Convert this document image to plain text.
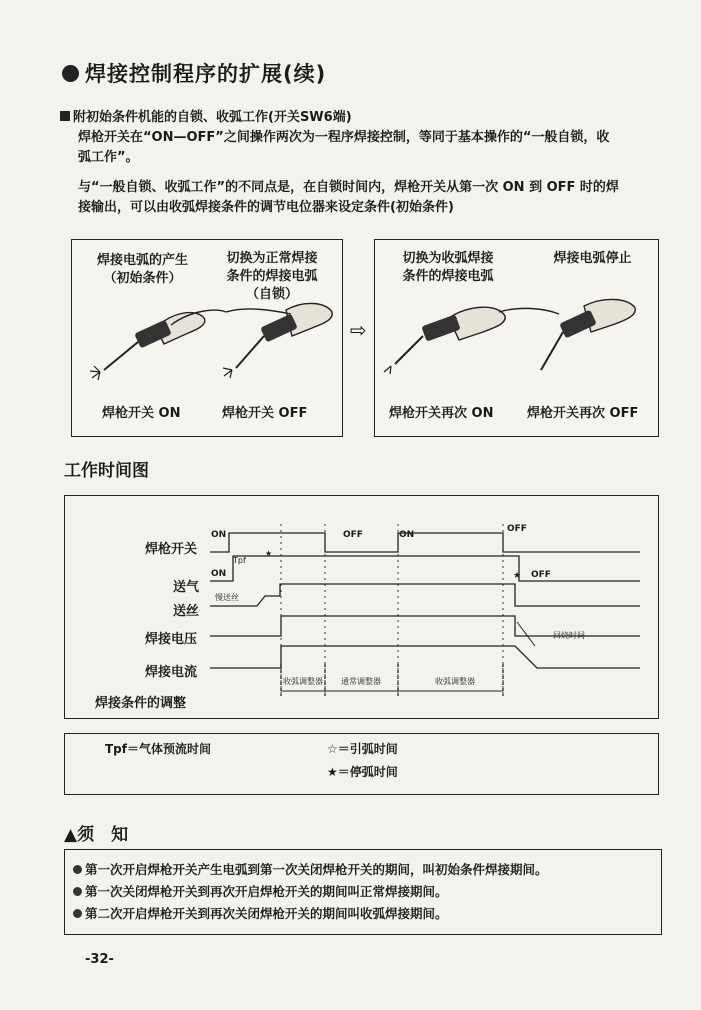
焊接控制程序的扩展(续)
附初始条件机能的自锁、收弧工作(开关SW6端)
焊枪开关在“ON—OFF”之间操作两次为一程序焊接控制，等同于基本操作的“一般自锁，收
弧工作”。
与“一般自锁、收弧工作”的不同点是，在自锁时间内，焊枪开关从第一次 ON 到 OFF 时的焊
接输出，可以由收弧焊接条件的调节电位器来设定条件(初始条件)
焊接电弧的产生
（初始条件）
切换为正常焊接
条件的焊接电弧
（自锁）
焊枪开关 ON	焊枪开关 OFF
⇨
切换为收弧焊接
条件的焊接电弧
焊接电弧停止
焊枪开关再次 ON	焊枪开关再次 OFF
工作时间图
焊枪开关
送气
送丝
焊接电压
焊接电流
焊接条件的调整
★
★
ON	OFF	ON
OFF
ON	OFF
Tpf
慢送丝
回烧时间
收弧调整器 通常调整器	收弧调整器
Tpf＝气体预流时间	☆＝引弧时间
★＝停弧时间
▲须　知
第一次开启焊枪开关产生电弧到第一次关闭焊枪开关的期间，叫初始条件焊接期间。
第一次关闭焊枪开关到再次开启焊枪开关的期间叫正常焊接期间。
第二次开启焊枪开关到再次关闭焊枪开关的期间叫收弧焊接期间。
-32-
